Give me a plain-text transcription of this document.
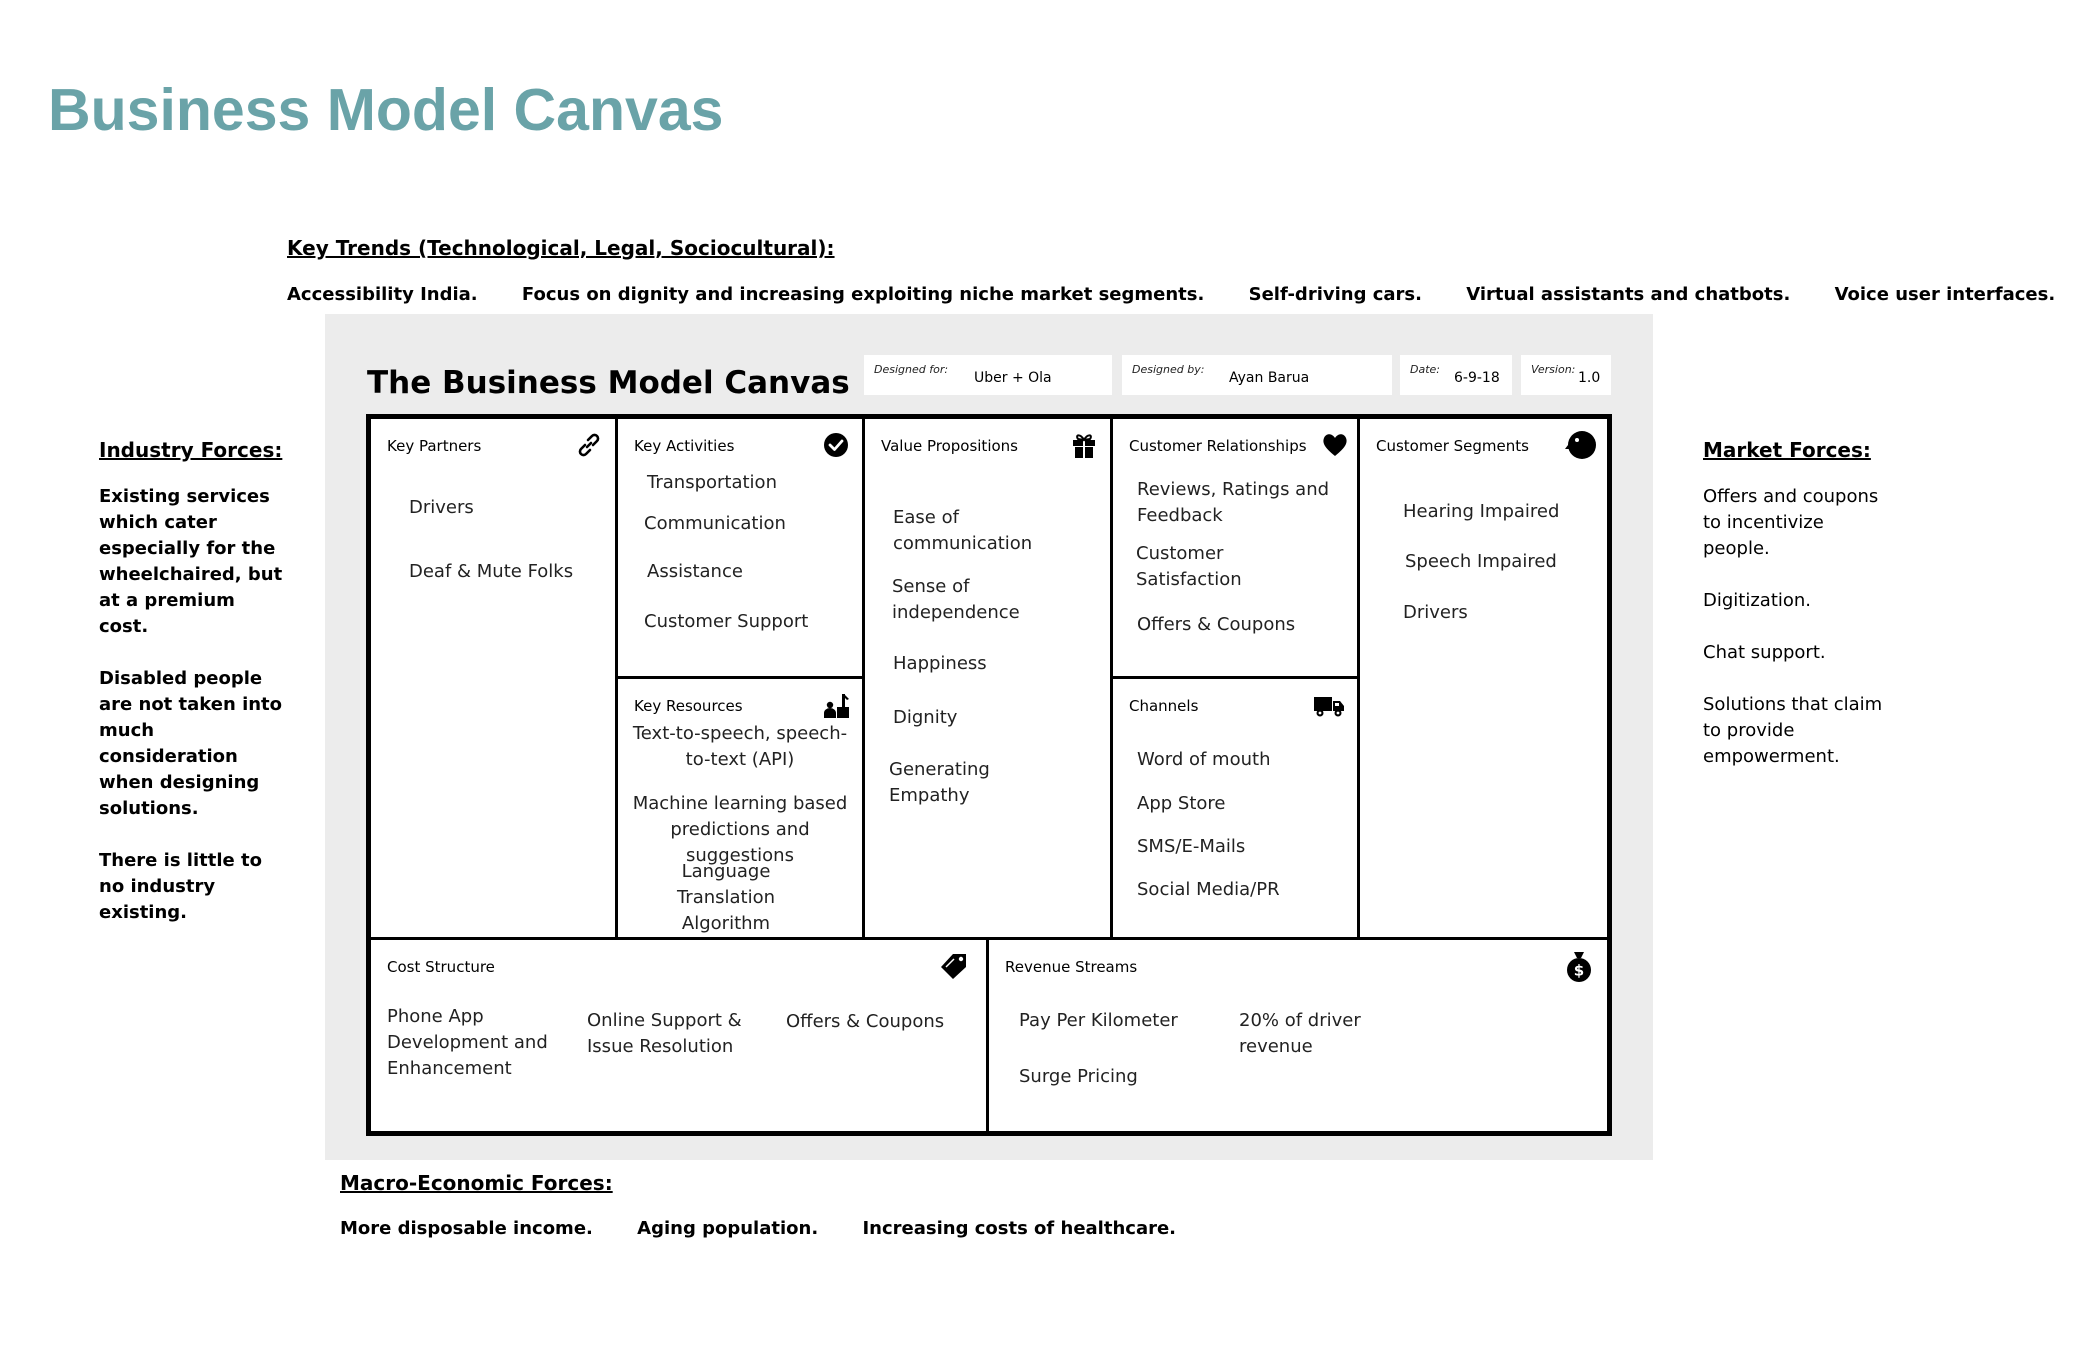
Business Model Canvas
Key Trends (Technological, Legal, Sociocultural):
Accessibility India. Focus on dignity and increasing exploiting niche market segments. Self-driving cars. Virtual assistants and chatbots. Voice user interfaces.
Industry Forces:

Existing services which cater especially for the wheelchaired, but at a premium cost.

Disabled people are not taken into much consideration when designing solutions.

There is little to no industry existing.

Market Forces:

Offers and coupons to incentivize people.

Digitization.

Chat support.

Solutions that claim to provide empowerment.

The Business Model Canvas Designed for:
Uber + Ola
Designed by:
Ayan Barua
Date:
6-9-18
Version:
1.0
Key Partners
Drivers
Deaf & Mute Folks
Key Activities
Transportation
Communication
Assistance
Customer Support
Key Resources
Text-to-speech, speech-to-text (API)
Machine learning based predictions and suggestions
Language Translation Algorithm
Value Propositions
Ease of communication
Sense of independence
Happiness
Dignity
Generating Empathy
Customer Relationships
Reviews, Ratings and Feedback
Customer Satisfaction
Offers & Coupons
Channels
Word of mouth
App Store
SMS/E-Mails
Social Media/PR
Customer Segments
Hearing Impaired
Speech Impaired
Drivers
Cost Structure
Phone App Development and Enhancement
Online Support & Issue Resolution
Offers & Coupons
Revenue Streams	$
Pay Per Kilometer	20% of driver revenue
Surge Pricing
Macro-Economic Forces:
More disposable income. Aging population. Increasing costs of healthcare.
